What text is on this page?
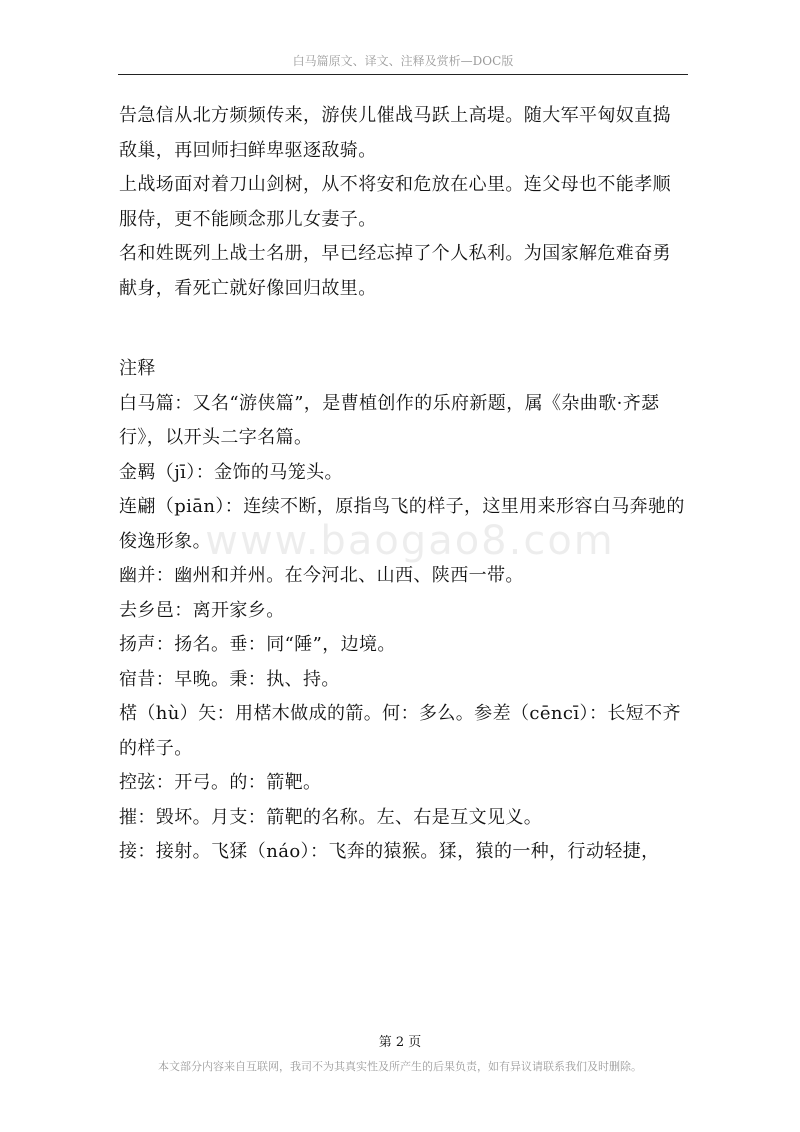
白马篇原文、译文、注释及赏析—DOC版
www.baogao8.com

告急信从北方频频传来，游侠儿催战马跃上高堤。随大军平匈奴直捣敌巢，再回师扫鲜卑驱逐敌骑。

上战场面对着刀山剑树，从不将安和危放在心里。连父母也不能孝顺服侍，更不能顾念那儿女妻子。

名和姓既列上战士名册，早已经忘掉了个人私利。为国家解危难奋勇献身，看死亡就好像回归故里。

注释

白马篇：又名“游侠篇”，是曹植创作的乐府新题，属《杂曲歌·齐瑟行》，以开头二字名篇。

金羁（jī）：金饰的马笼头。

连翩（piān）：连续不断，原指鸟飞的样子，这里用来形容白马奔驰的俊逸形象。

幽并：幽州和并州。在今河北、山西、陕西一带。

去乡邑：离开家乡。

扬声：扬名。垂：同“陲”，边境。

宿昔：早晚。秉：执、持。

楛（hù）矢：用楛木做成的箭。何：多么。参差（cēncī）：长短不齐的样子。

控弦：开弓。的：箭靶。

摧：毁坏。月支：箭靶的名称。左、右是互文见义。

接：接射。飞猱（náo）：飞奔的猿猴。猱，猿的一种，行动轻捷，

第 2 页
本文部分内容来自互联网，我司不为其真实性及所产生的后果负责，如有异议请联系我们及时删除。
